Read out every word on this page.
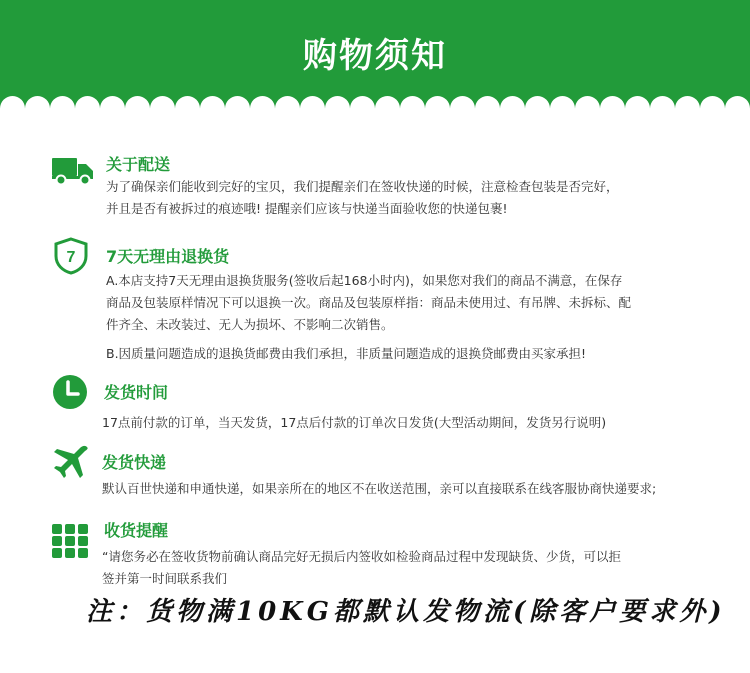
购物须知
关于配送
为了确保亲们能收到完好的宝贝，我们提醒亲们在签收快递的时候，注意检查包装是否完好，
并且是否有被拆过的痕迹哦! 提醒亲们应该与快递当面验收您的快递包裹!
7 7天无理由退换货
A.本店支持7天无理由退换货服务(签收后起168小时内)，如果您对我们的商品不满意，在保存
商品及包装原样情况下可以退换一次。商品及包装原样指：商品未使用过、有吊牌、未拆标、配
件齐全、未改装过、无人为损坏、不影响二次销售。
B.因质量问题造成的退换货邮费由我们承担，非质量问题造成的退换贷邮费由买家承担!
发货时间
17点前付款的订单，当天发货，17点后付款的订单次日发货(大型活动期间，发货另行说明)
发货快递
默认百世快递和申通快递，如果亲所在的地区不在收送范围，亲可以直接联系在线客服协商快递要求;
收货提醒
“请您务必在签收货物前确认商品完好无损后内签收如检验商品过程中发现缺货、少货，可以拒
签并第一时间联系我们
注：货物满10KG都默认发物流(除客户要求外)
